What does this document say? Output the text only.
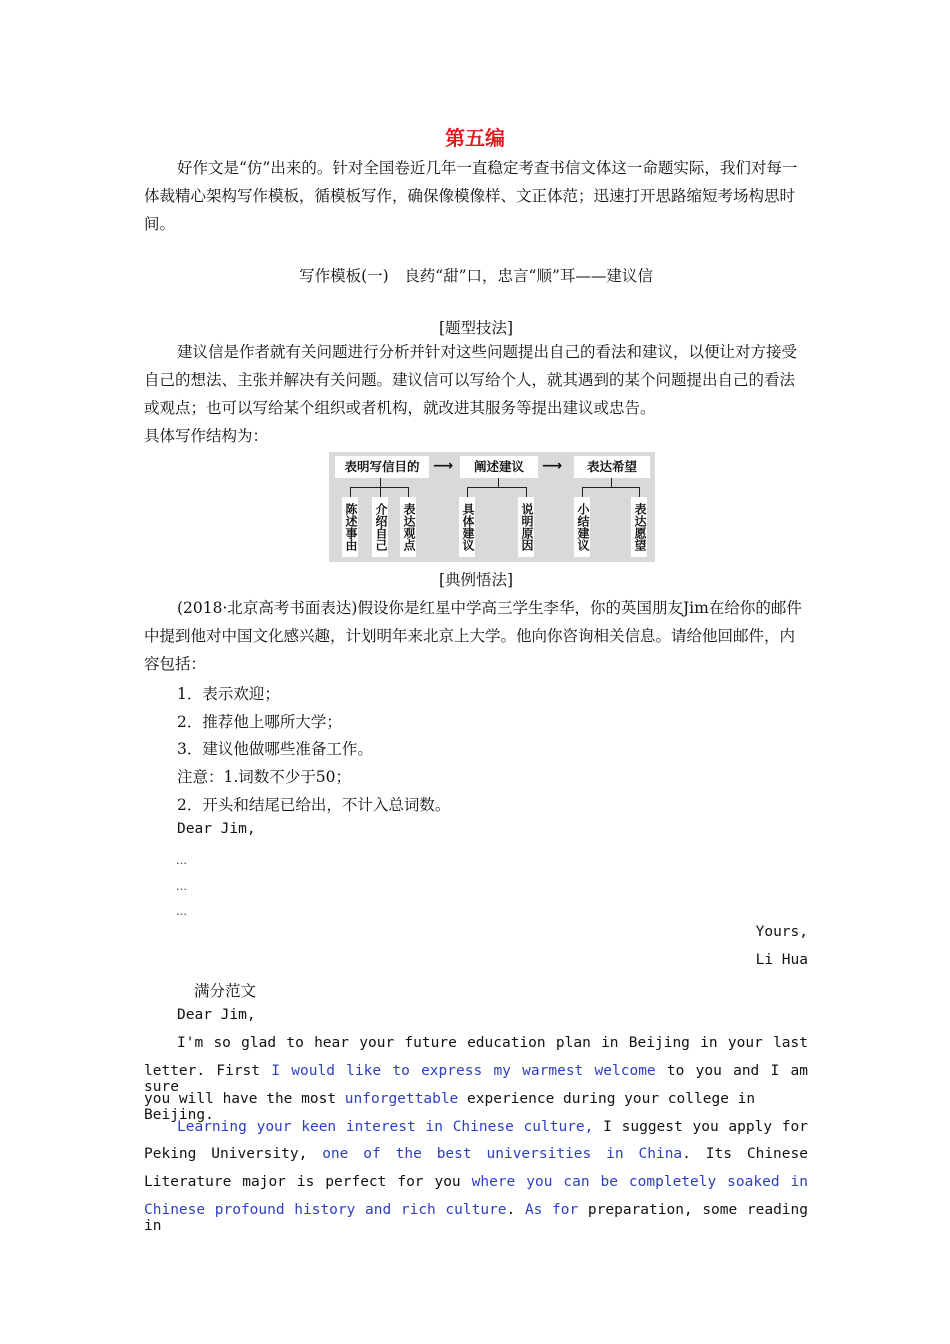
第五编
好作文是“仿”出来的。针对全国卷近几年一直稳定考查书信文体这一命题实际，我们对每一体裁精心架构写作模板，循模板写作，确保像模像样、文正体范；迅速打开思路缩短考场构思时间。
写作模板(一)　良药“甜”口，忠言“顺”耳——建议信
[题型技法]
建议信是作者就有关问题进行分析并针对这些问题提出自己的看法和建议，以便让对方接受自己的想法、主张并解决有关问题。建议信可以写给个人，就其遇到的某个问题提出自己的看法或观点；也可以写给某个组织或者机构，就改进其服务等提出建议或忠告。
具体写作结构为：
表明写信目的 ⟶	阐述建议	⟶	表达希望
陈述事由 介绍自己 表达观点	具体建议	说明原因	小结建议	表达愿望
[典例悟法]
(2018·北京高考书面表达)假设你是红星中学高三学生李华，你的英国朋友Jim在给你的邮件中提到他对中国文化感兴趣，计划明年来北京上大学。他向你咨询相关信息。请给他回邮件，内容包括：
1．表示欢迎；
2．推荐他上哪所大学；
3．建议他做哪些准备工作。
注意：1.词数不少于50；
2．开头和结尾已给出，不计入总词数。
Dear Jim,
…
…
…
Yours,
Li Hua
满分范文
Dear Jim,
I'm so glad to hear your future education plan in Beijing in your last
letter. First I would like to express my warmest welcome to you and I am sure
you will have the most unforgettable experience during your college in Beijing.
Learning your keen interest in Chinese culture, I suggest you apply for
Peking University, one of the best universities in China. Its Chinese
Literature major is perfect for you where you can be completely soaked in
Chinese profound history and rich culture. As for preparation, some reading in
